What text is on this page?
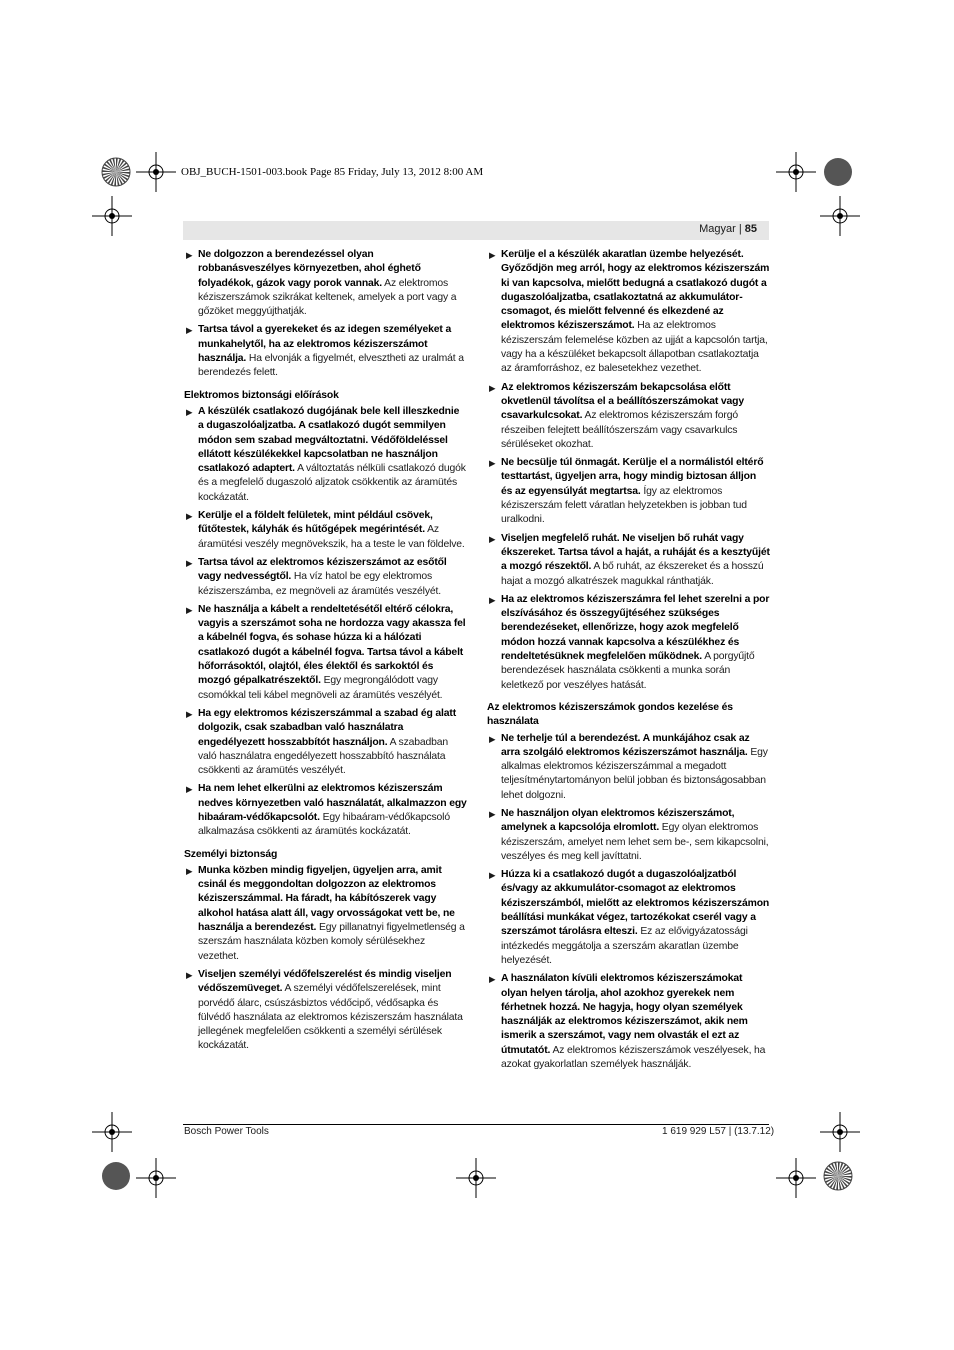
OBJ_BUCH-1501-003.book Page 85 Friday, July 13, 2012 8:00 AM
Magyar | 85
▶ Ne dolgozzon a berendezéssel olyan robbanásveszélyes környezetben, ahol éghető folyadékok, gázok vagy porok vannak. Az elektromos kéziszerszámok szikrákat keltenek, amelyek a port vagy a gőzöket meggyújthatják.
▶ Tartsa távol a gyerekeket és az idegen személyeket a munkahelytől, ha az elektromos kéziszerszámot használja. Ha elvonják a figyelmét, elvesztheti az uralmát a berendezés felett.
Elektromos biztonsági előírások
▶ A készülék csatlakozó dugójának bele kell illeszkednie a dugaszolóaljzatba. A csatlakozó dugót semmilyen módon sem szabad megváltoztatni. Védőföldeléssel ellátott készülékekkel kapcsolatban ne használjon csatlakozó adaptert. A változtatás nélküli csatlakozó dugók és a megfelelő dugaszoló aljzatok csökkentik az áramütés kockázatát.
▶ Kerülje el a földelt felületek, mint például csövek, fűtőtestek, kályhák és hűtőgépek megérintését. Az áramütési veszély megnövekszik, ha a teste le van földelve.
▶ Tartsa távol az elektromos kéziszerszámot az esőtől vagy nedvességtől. Ha víz hatol be egy elektromos kéziszerszámba, ez megnöveli az áramütés veszélyét.
▶ Ne használja a kábelt a rendeltetésétől eltérő célokra, vagyis a szerszámot soha ne hordozza vagy akassza fel a kábelnél fogva, és sohase húzza ki a hálózati csatlakozó dugót a kábelnél fogva. Tartsa távol a kábelt hőforrásoktól, olajtól, éles élektől és sarkoktól és mozgó gépalkatrészektől. Egy megrongálódott vagy csomókkal teli kábel megnöveli az áramütés veszélyét.
▶ Ha egy elektromos kéziszerszámmal a szabad ég alatt dolgozik, csak szabadban való használatra engedélyezett hosszabbítót használjon. A szabadban való használatra engedélyezett hosszabbító használata csökkenti az áramütés veszélyét.
▶ Ha nem lehet elkerülni az elektromos kéziszerszám nedves környezetben való használatát, alkalmazzon egy hibaáram-védőkapcsolót. Egy hibaáram-védőkapcsoló alkalmazása csökkenti az áramütés kockázatát.
Személyi biztonság
▶ Munka közben mindig figyeljen, ügyeljen arra, amit csinál és meggondoltan dolgozzon az elektromos kéziszerszámmal. Ha fáradt, ha kábítószerek vagy alkohol hatása alatt áll, vagy orvosságokat vett be, ne használja a berendezést. Egy pillanatnyi figyelmetlenség a szerszám használata közben komoly sérülésekhez vezethet.
▶ Viseljen személyi védőfelszerelést és mindig viseljen védőszemüveget. A személyi védőfelszerelések, mint porvédő álarc, csúszásbiztos védőcipő, védősapka és fülvédő használata az elektromos kéziszerszám használata jellegének megfelelően csökkenti a személyi sérülések kockázatát.
▶ Kerülje el a készülék akaratlan üzembe helyezését. Győződjön meg arról, hogy az elektromos kéziszerszám ki van kapcsolva, mielőtt bedugná a csatlakozó dugót a dugaszolóaljzatba, csatlakoztatná az akkumulátor-csomagot, és mielőtt felvenné és elkezdené az elektromos kéziszerszámot. Ha az elektromos kéziszerszám felemelése közben az ujját a kapcsolón tartja, vagy ha a készüléket bekapcsolt állapotban csatlakoztatja az áramforráshoz, ez balesetekhez vezethet.
▶ Az elektromos kéziszerszám bekapcsolása előtt okvetlenül távolítsa el a beállítószerszámokat vagy csavarkulcsokat. Az elektromos kéziszerszám forgó részeiben felejtett beállítószerszám vagy csavarkulcs sérüléseket okozhat.
▶ Ne becsülje túl önmagát. Kerülje el a normálistól eltérő testtartást, ügyeljen arra, hogy mindig biztosan álljon és az egyensúlyát megtartsa. Így az elektromos kéziszerszám felett váratlan helyzetekben is jobban tud uralkodni.
▶ Viseljen megfelelő ruhát. Ne viseljen bő ruhát vagy ékszereket. Tartsa távol a haját, a ruháját és a kesztyűjét a mozgó részektől. A bő ruhát, az ékszereket és a hosszú hajat a mozgó alkatrészek magukkal ránthatják.
▶ Ha az elektromos kéziszerszámra fel lehet szerelni a por elszívásához és összegyűjtéséhez szükséges berendezéseket, ellenőrizze, hogy azok megfelelő módon hozzá vannak kapcsolva a készülékhez és rendeltetésüknek megfelelően működnek. A porgyűjtő berendezések használata csökkenti a munka során keletkező por veszélyes hatását.
Az elektromos kéziszerszámok gondos kezelése és használata
▶ Ne terhelje túl a berendezést. A munkájához csak az arra szolgáló elektromos kéziszerszámot használja. Egy alkalmas elektromos kéziszerszámmal a megadott teljesítménytartományon belül jobban és biztonságosabban lehet dolgozni.
▶ Ne használjon olyan elektromos kéziszerszámot, amelynek a kapcsolója elromlott. Egy olyan elektromos kéziszerszám, amelyet nem lehet sem be-, sem kikapcsolni, veszélyes és meg kell javíttatni.
▶ Húzza ki a csatlakozó dugót a dugaszolóaljzatból és/vagy az akkumulátor-csomagot az elektromos kéziszerszámból, mielőtt az elektromos kéziszerszámon beállítási munkákat végez, tartozékokat cserél vagy a szerszámot tárolásra elteszi. Ez az elővigyázatossági intézkedés meggátolja a szerszám akaratlan üzembe helyezését.
▶ A használaton kívüli elektromos kéziszerszámokat olyan helyen tárolja, ahol azokhoz gyerekek nem férhetnek hozzá. Ne hagyja, hogy olyan személyek használják az elektromos kéziszerszámot, akik nem ismerik a szerszámot, vagy nem olvasták el ezt az útmutatót. Az elektromos kéziszerszámok veszélyesek, ha azokat gyakorlatlan személyek használják.
Bosch Power Tools	1 619 929 L57 | (13.7.12)
